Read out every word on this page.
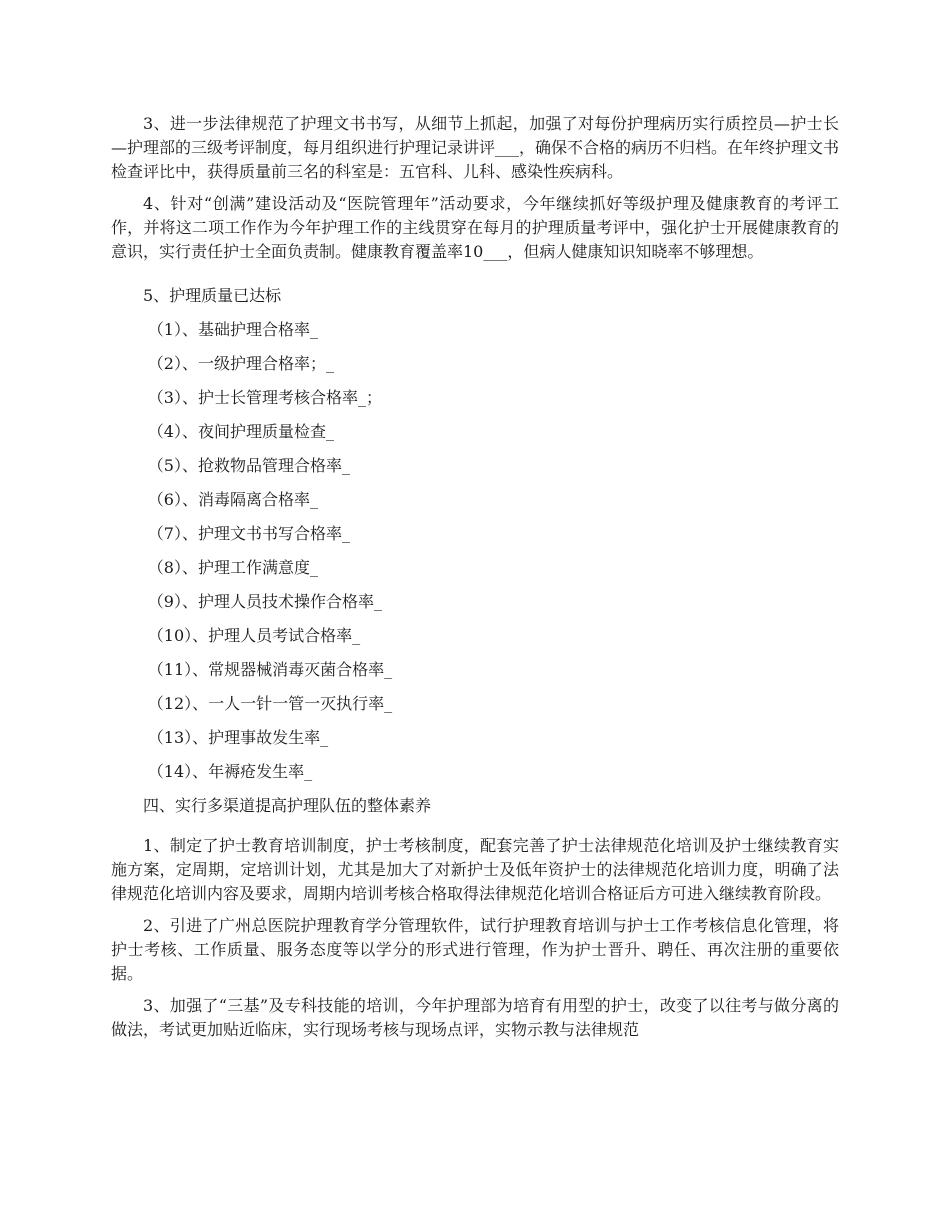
3、进一步法律规范了护理文书书写，从细节上抓起，加强了对每份护理病历实行质控员—护士长—护理部的三级考评制度，每月组织进行护理记录讲评___，确保不合格的病历不归档。在年终护理文书检查评比中，获得质量前三名的科室是：五官科、儿科、感染性疾病科。

4、针对“创满”建设活动及“医院管理年”活动要求，今年继续抓好等级护理及健康教育的考评工作，并将这二项工作作为今年护理工作的主线贯穿在每月的护理质量考评中，强化护士开展健康教育的意识，实行责任护士全面负责制。健康教育覆盖率10___，但病人健康知识知晓率不够理想。

5、护理质量已达标

（1）、基础护理合格率_

（2）、一级护理合格率；_

（3）、护士长管理考核合格率_；

（4）、夜间护理质量检查_

（5）、抢救物品管理合格率_

（6）、消毒隔离合格率_

（7）、护理文书书写合格率_

（8）、护理工作满意度_

（9）、护理人员技术操作合格率_

（10）、护理人员考试合格率_

（11）、常规器械消毒灭菌合格率_

（12）、一人一针一管一灭执行率_

（13）、护理事故发生率_

（14）、年褥疮发生率_

四、实行多渠道提高护理队伍的整体素养

1、制定了护士教育培训制度，护士考核制度，配套完善了护士法律规范化培训及护士继续教育实施方案，定周期，定培训计划，尤其是加大了对新护士及低年资护士的法律规范化培训力度，明确了法律规范化培训内容及要求，周期内培训考核合格取得法律规范化培训合格证后方可进入继续教育阶段。

2、引进了广州总医院护理教育学分管理软件，试行护理教育培训与护士工作考核信息化管理，将护士考核、工作质量、服务态度等以学分的形式进行管理，作为护士晋升、聘任、再次注册的重要依据。

3、加强了“三基”及专科技能的培训，今年护理部为培育有用型的护士，改变了以往考与做分离的做法，考试更加贴近临床，实行现场考核与现场点评，实物示教与法律规范
